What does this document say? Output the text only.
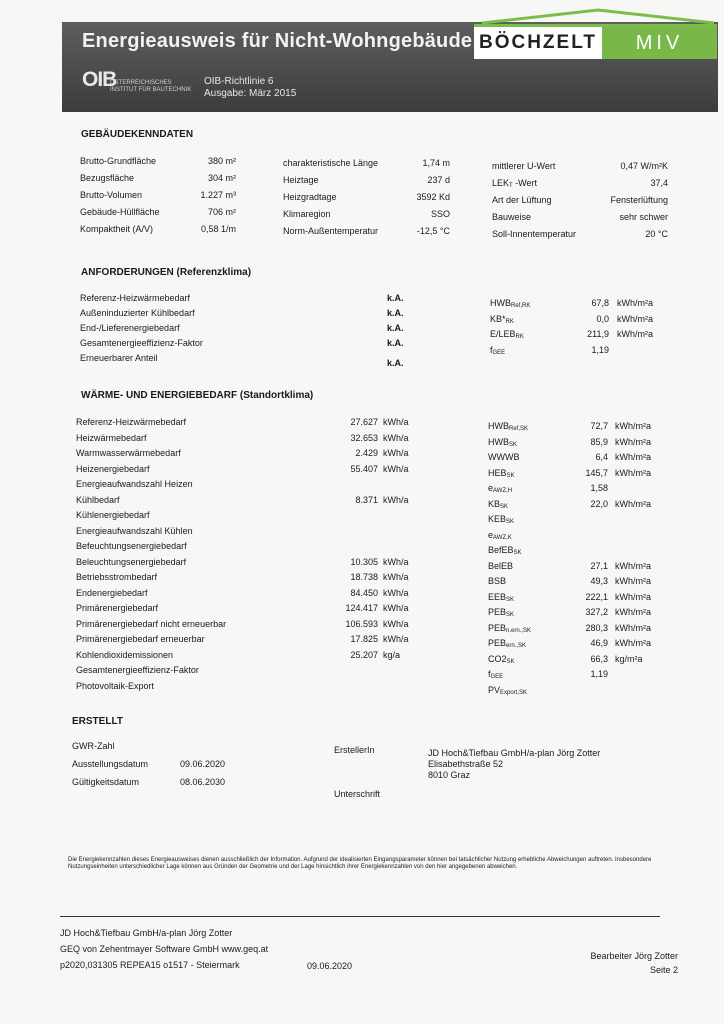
Energieausweis für Nicht-Wohngebäude
OIB
ÖSTERREICHISCHES
INSTITUT FÜR BAUTECHNIK
OIB-Richtlinie 6
Ausgabe: März 2015
BÖCHZELT	MIV
GEBÄUDEKENNDATEN
Brutto-Grundfläche	380 m²
Bezugsfläche	304 m²
Brutto-Volumen	1.227 m³
Gebäude-Hüllfläche	706 m²
Kompaktheit (A/V)	0,58 1/m
charakteristische Länge	1,74 m
Heiztage	237 d
Heizgradtage	3592 Kd
Klimaregion	SSO
Norm-Außentemperatur	-12,5 °C
mittlerer U-Wert	0,47 W/m²K
LEKT -Wert	37,4
Art der Lüftung	Fensterlüftung
Bauweise	sehr schwer
Soll-Innentemperatur	20 °C
ANFORDERUNGEN (Referenzklima)
Referenz-Heizwärmebedarf	k.A.
Außeninduzierter Kühlbedarf	k.A.
End-/Lieferenergiebedarf	k.A.
Gesamtenergieeffizienz-Faktor	k.A.
Erneuerbarer Anteil	k.A.
HWBRef,RK	67,8 kWh/m²a
KB*RK	0,0 kWh/m²a
E/LEBRK	211,9 kWh/m²a
fGEE	1,19
WÄRME- UND ENERGIEBEDARF (Standortklima)
Referenz-Heizwärmebedarf	27.627 kWh/a
Heizwärmebedarf	32.653 kWh/a
Warmwasserwärmebedarf	2.429 kWh/a
Heizenergiebedarf	55.407 kWh/a
Energieaufwandszahl Heizen
Kühlbedarf	8.371 kWh/a
Kühlenergiebedarf
Energieaufwandszahl Kühlen
Befeuchtungsenergiebedarf
Beleuchtungsenergiebedarf	10.305 kWh/a
Betriebsstrombedarf	18.738 kWh/a
Endenergiebedarf	84.450 kWh/a
Primärenergiebedarf	124.417 kWh/a
Primärenergiebedarf nicht erneuerbar	106.593 kWh/a
Primärenergiebedarf erneuerbar	17.825 kWh/a
Kohlendioxidemissionen	25.207 kg/a
Gesamtenergieeffizienz-Faktor
Photovoltaik-Export
HWBRef,SK	72,7 kWh/m²a
HWBSK	85,9 kWh/m²a
WWWB	6,4 kWh/m²a
HEBSK	145,7 kWh/m²a
eAWZ,H	1,58
KBSK	22,0 kWh/m²a
KEBSK
eAWZ,K
BefEBSK
BelEB	27,1 kWh/m²a
BSB	49,3 kWh/m²a
EEBSK	222,1 kWh/m²a
PEBSK	327,2 kWh/m²a
PEBn.ern.,SK	280,3 kWh/m²a
PEBern.,SK	46,9 kWh/m²a
CO2SK	66,3 kg/m²a
fGEE	1,19
PVExport,SK
ERSTELLT
GWR-Zahl
Ausstellungsdatum	09.06.2020
Gültigkeitsdatum	08.06.2030
ErstellerIn	JD Hoch&Tiefbau GmbH/a-plan Jörg Zotter
Elisabethstraße 52
8010 Graz
Unterschrift
Die Energiekennzahlen dieses Energieausweises dienen ausschließlich der Information. Aufgrund der idealisierten Eingangsparameter können bei tatsächlicher Nutzung erhebliche Abweichungen auftreten. Insbesondere Nutzungseinheiten unterschiedlicher Lage können aus Gründen der Geometrie und der Lage hinsichtlich ihrer Energiekennzahlen von den hier angegebenen abweichen.
JD Hoch&Tiefbau GmbH/a-plan Jörg Zotter
GEQ von Zehentmayer Software GmbH www.geq.at
p2020,031305 REPEA15 o1517 - Steiermark	09.06.2020
Bearbeiter Jörg Zotter
Seite 2
